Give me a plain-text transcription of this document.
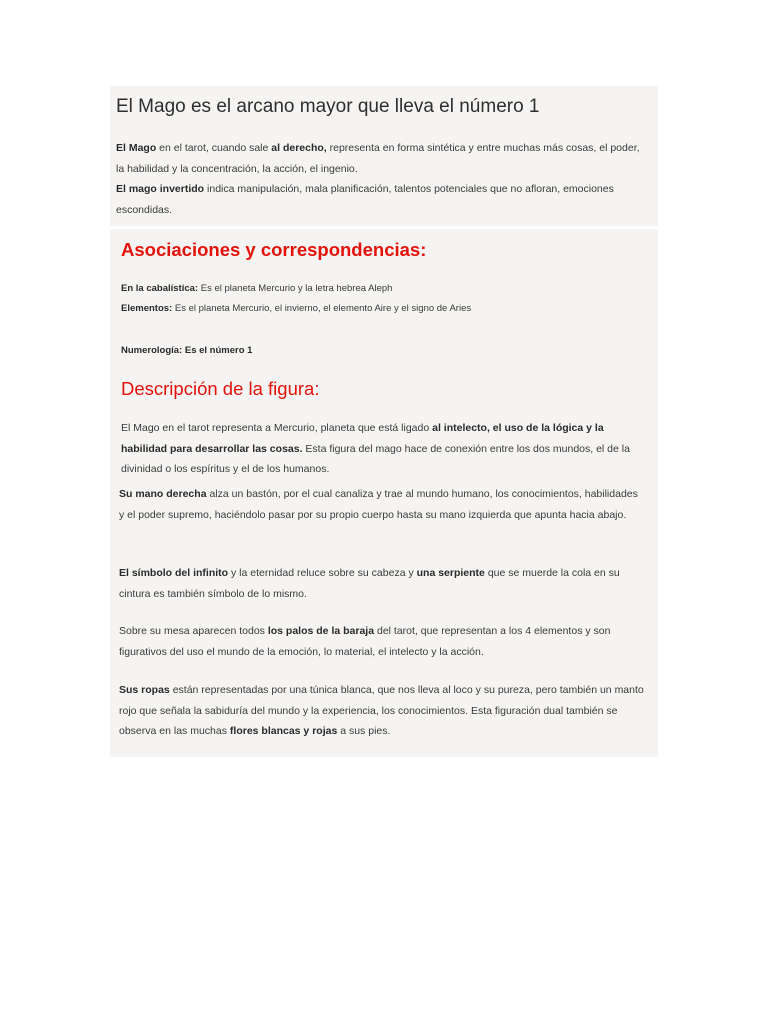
El Mago es el arcano mayor que lleva el número 1

El Mago en el tarot, cuando sale al derecho, representa en forma sintética y entre muchas más cosas, el poder, la habilidad y la concentración, la acción, el ingenio.

El mago invertido indica manipulación, mala planificación, talentos potenciales que no afloran, emociones escondidas.

Asociaciones y correspondencias:

En la cabalística: Es el planeta Mercurio y la letra hebrea Aleph

Elementos: Es el planeta Mercurio, el invierno, el elemento Aire y el signo de Aries

Numerología: Es el número 1

Descripción de la figura:

El Mago en el tarot representa a Mercurio, planeta que está ligado al intelecto, el uso de la lógica y la habilidad para desarrollar las cosas. Esta figura del mago hace de conexión entre los dos mundos, el de la divinidad o los espíritus y el de los humanos.

Su mano derecha alza un bastón, por el cual canaliza y trae al mundo humano, los conocimientos, habilidades y el poder supremo, haciéndolo pasar por su propio cuerpo hasta su mano izquierda que apunta hacia abajo.

El símbolo del infinito y la eternidad reluce sobre su cabeza y una serpiente que se muerde la cola en su cintura es también símbolo de lo mismo.

Sobre su mesa aparecen todos los palos de la baraja del tarot, que representan a los 4 elementos y son figurativos del uso el mundo de la emoción, lo material, el intelecto y la acción.

Sus ropas están representadas por una túnica blanca, que nos lleva al loco y su pureza, pero también un manto rojo que señala la sabiduría del mundo y la experiencia, los conocimientos. Esta figuración dual también se observa en las muchas flores blancas y rojas a sus pies.
